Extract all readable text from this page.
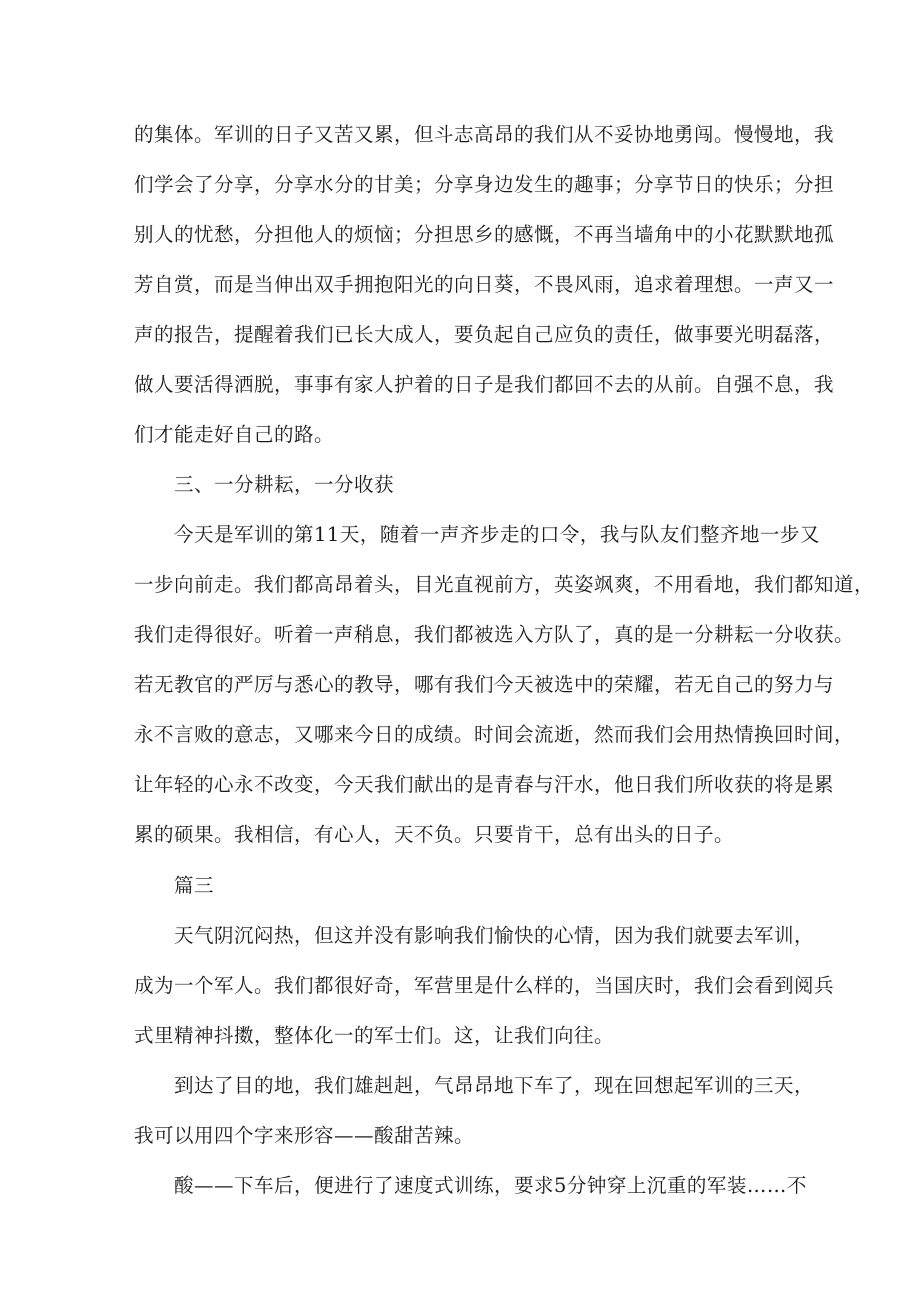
的集体。军训的日子又苦又累，但斗志高昂的我们从不妥协地勇闯。慢慢地，我
们学会了分享，分享水分的甘美；分享身边发生的趣事；分享节日的快乐；分担
别人的忧愁，分担他人的烦恼；分担思乡的感慨，不再当墙角中的小花默默地孤
芳自赏，而是当伸出双手拥抱阳光的向日葵，不畏风雨，追求着理想。一声又一
声的报告，提醒着我们已长大成人，要负起自己应负的责任，做事要光明磊落，
做人要活得洒脱，事事有家人护着的日子是我们都回不去的从前。自强不息，我
们才能走好自己的路。
三、一分耕耘，一分收获
今天是军训的第11天，随着一声齐步走的口令，我与队友们整齐地一步又
一步向前走。我们都高昂着头，目光直视前方，英姿飒爽，不用看地，我们都知道，
我们走得很好。听着一声稍息，我们都被选入方队了，真的是一分耕耘一分收获。
若无教官的严厉与悉心的教导，哪有我们今天被选中的荣耀，若无自己的努力与
永不言败的意志，又哪来今日的成绩。时间会流逝，然而我们会用热情换回时间，
让年轻的心永不改变，今天我们献出的是青春与汗水，他日我们所收获的将是累
累的硕果。我相信，有心人，天不负。只要肯干，总有出头的日子。
篇三
天气阴沉闷热，但这并没有影响我们愉快的心情，因为我们就要去军训，
成为一个军人。我们都很好奇，军营里是什么样的，当国庆时，我们会看到阅兵
式里精神抖擞，整体化一的军士们。这，让我们向往。
到达了目的地，我们雄赳赳，气昂昂地下车了，现在回想起军训的三天，
我可以用四个字来形容——酸甜苦辣。
酸——下车后，便进行了速度式训练，要求5分钟穿上沉重的军装……不
